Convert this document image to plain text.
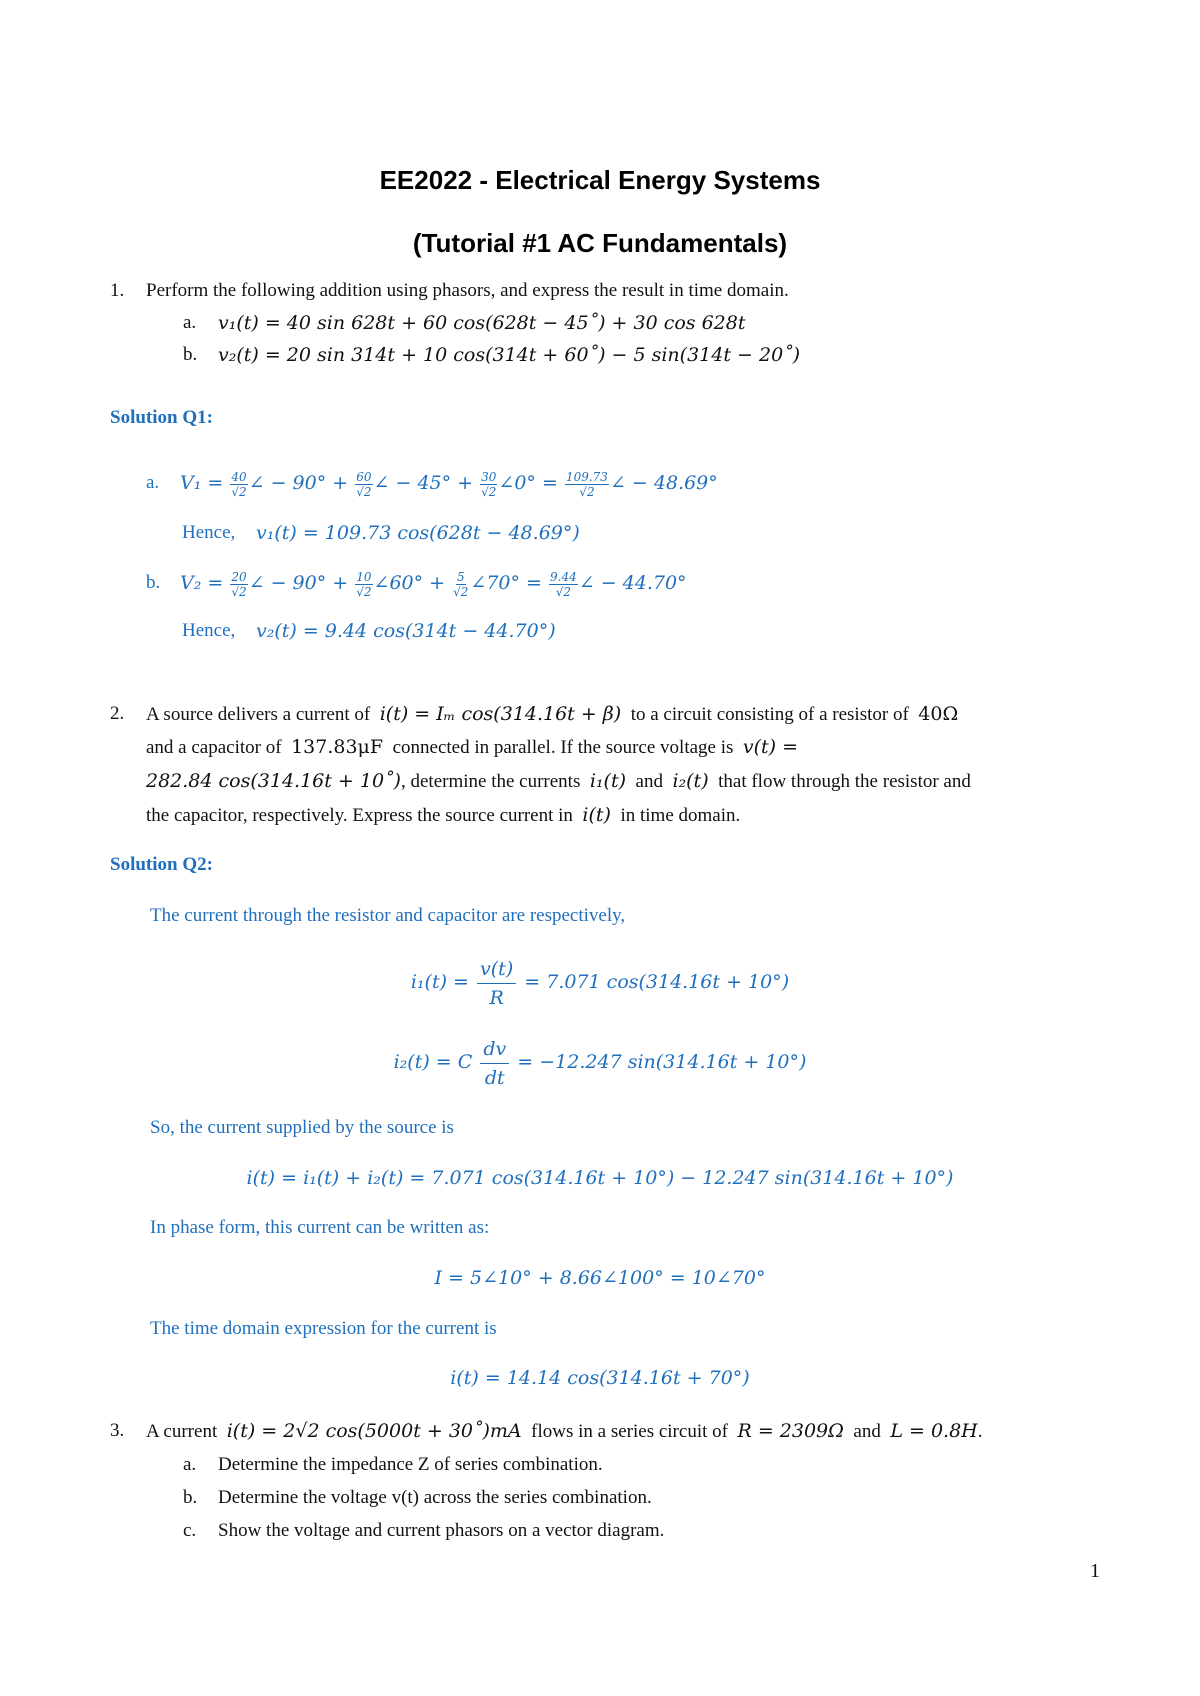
EE2022 - Electrical Energy Systems
(Tutorial #1 AC Fundamentals)
1. Perform the following addition using phasors, and express the result in time domain.
a. v₁(t) = 40 sin 628t + 60 cos(628t − 45˚) + 30 cos 628t
b. v₂(t) = 20 sin 314t + 10 cos(314t + 60˚) − 5 sin(314t − 20˚)
Solution Q1:
a. $V_1 = \frac{40}{√2}$ ∠ − $90^\circ + \frac{60}{√2}$ ∠ − $45^\circ + \frac{30}{√2}$ ∠0° = $\frac{109.73}{√2}$ ∠ − 48.69°
Hence, v₁(t) = 109.73 cos(628t − 48.69°)
b. $V_2 = \frac{20}{√2}$ ∠ − $90^\circ + \frac{10}{√2}$ ∠60° + $\frac{5}{√2}$ ∠70° = $\frac{9.44}{√2}$ ∠ − 44.70°
Hence, v₂(t) = 9.44 cos(314t − 44.70°)
2. A source delivers a current of i(t) = Iₘ cos(314.16t + β) to a circuit consisting of a resistor of 40Ω
and a capacitor of 137.83μF connected in parallel. If the source voltage is v(t) =
282.84 cos(314.16t + 10˚), determine the currents i₁(t) and i₂(t) that flow through the resistor and
the capacitor, respectively. Express the source current in i(t) in time domain.
Solution Q2:
The current through the resistor and capacitor are respectively,
$i_1(t) = \frac{v(t)}{R} = 7.071$ cos(314.16t + 10°)
i₂(t) = C $\frac{dv}{dt} = -12.247$ sin(314.16t + 10°)
So, the current supplied by the source is
i(t) = i₁(t) + i₂(t) = 7.071 cos(314.16t + 10°) − 12.247 sin(314.16t + 10°)
In phase form, this current can be written as:
I = 5∠10° + 8.66∠100° = 10∠70°
The time domain expression for the current is
i(t) = 14.14 cos(314.16t + 70°)
3. A current i(t) = 2√2 cos(5000t + 30˚)mA flows in a series circuit of R = 2309Ω and L = 0.8H.
a. Determine the impedance Z of series combination.
b. Determine the voltage v(t) across the series combination.
c. Show the voltage and current phasors on a vector diagram.
1
